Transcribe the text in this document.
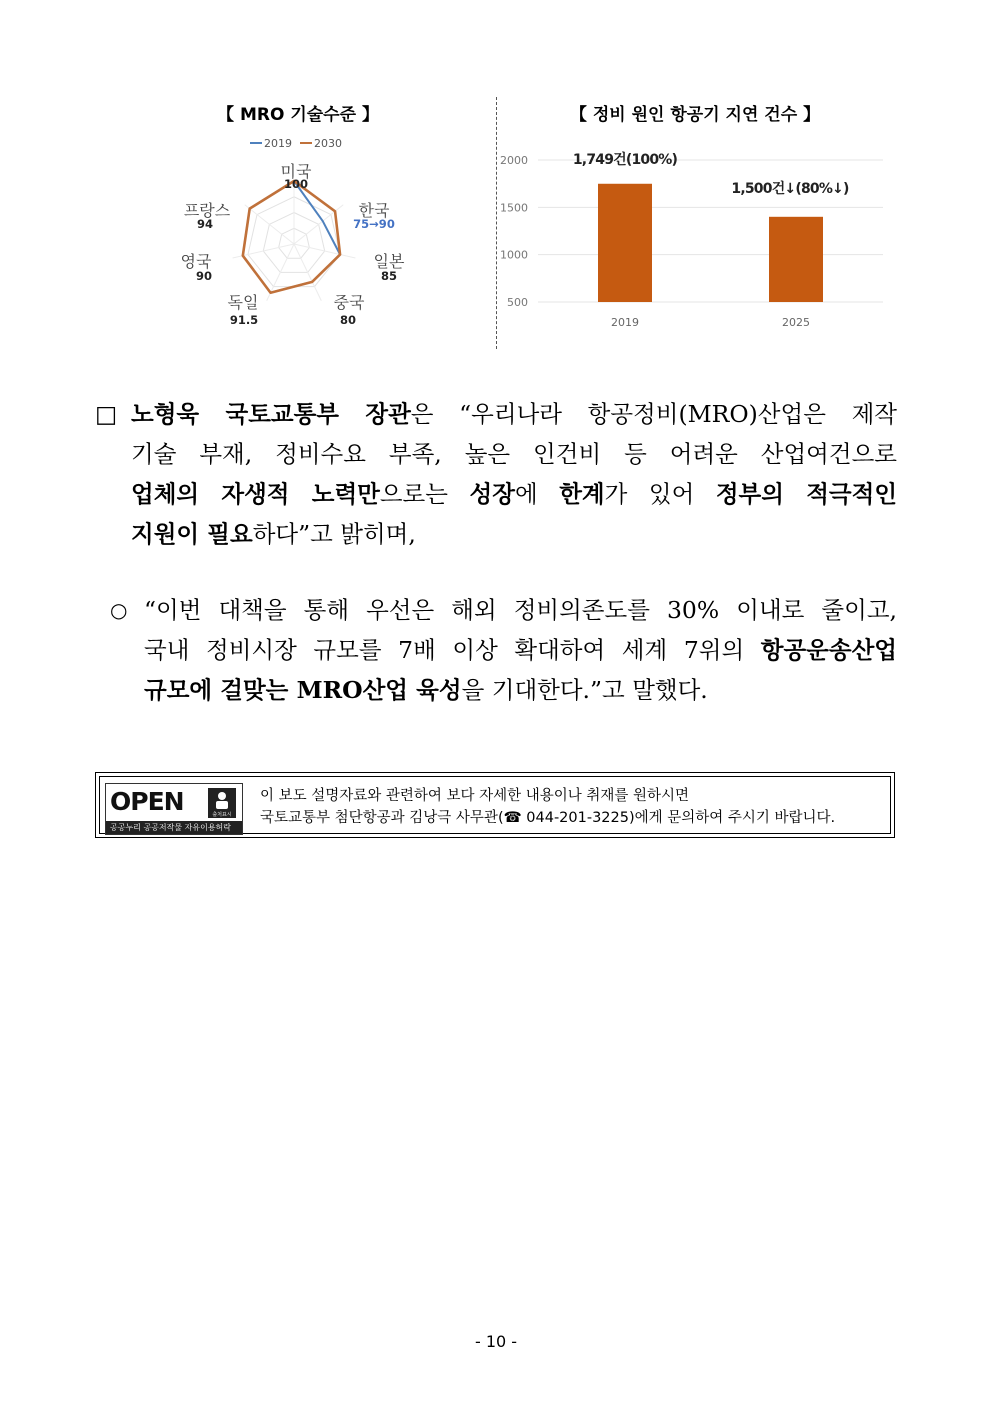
【 MRO 기술수준 】	【 정비 원인 항공기 지연 건수 】
2019 2030
미국
100
한국
75→90
일본
85
중국
80
독일
91.5
영국
90
프랑스
94
2000
1500
1000
500
1,749건(100%)
2019
1,500건↓(80%↓)
2025
□ 노형욱 국토교통부 장관은 “우리나라 항공정비(MRO)산업은 제작
기술 부재, 정비수요 부족, 높은 인건비 등 어려운 산업여건으로
업체의 자생적 노력만으로는 성장에 한계가 있어 정부의 적극적인
지원이 필요하다”고 밝히며,
○ “이번 대책을 통해 우선은 해외 정비의존도를 30% 이내로 줄이고,
국내 정비시장 규모를 7배 이상 확대하여 세계 7위의 항공운송산업
규모에 걸맞는 MRO산업 육성을 기대한다.”고 말했다.
OPEN	출처표시
공공누리 공공저작물 자유이용허락
이 보도 설명자료와 관련하여 보다 자세한 내용이나 취재를 원하시면
국토교통부 첨단항공과 김낭극 사무관(☎ 044-201-3225)에게 문의하여 주시기 바랍니다.
- 10 -
